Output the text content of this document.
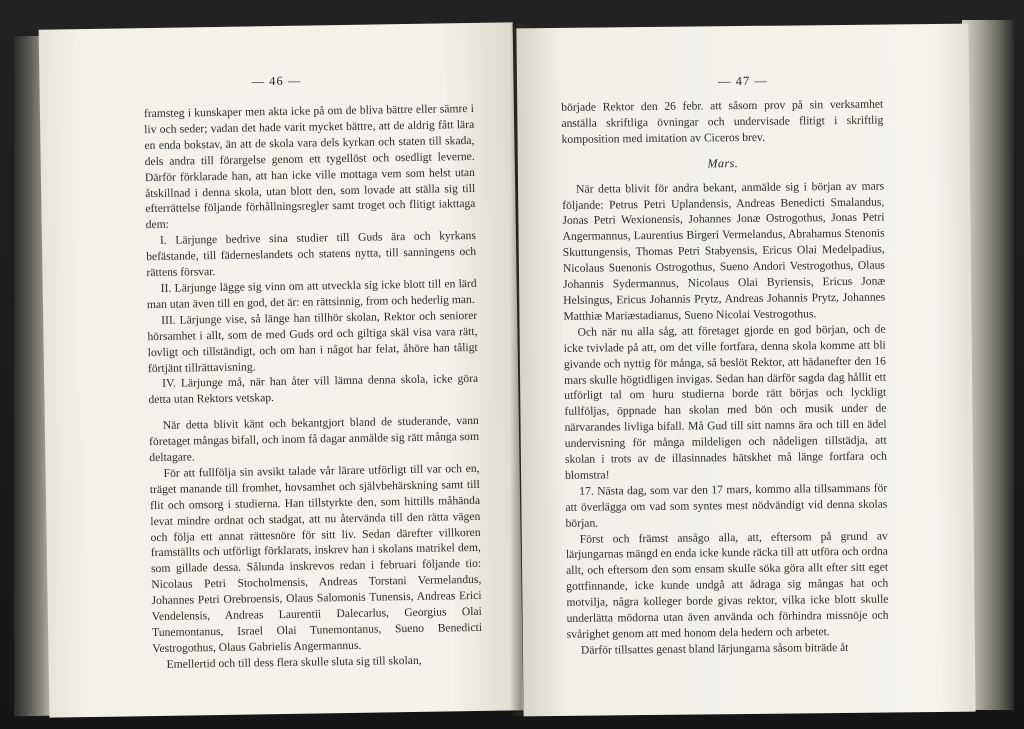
— 46 —

framsteg i kunskaper men akta icke på om de bliva bättre eller sämre i liv och seder; vadan det hade varit mycket bättre, att de aldrig fått lära en enda bokstav, än att de skola vara dels kyrkan och staten till skada, dels andra till förargelse genom ett tygellöst och osedligt leverne. Därför förklarade han, att han icke ville mottaga vem som helst utan åtskillnad i denna skola, utan blott den, som lovade att ställa sig till efterrättelse följande förhållningsregler samt troget och flitigt iakttaga dem:

I. Lärjunge bedrive sina studier till Guds ära och kyrkans befästande, till fäderneslandets och statens nytta, till sanningens och rättens försvar.

II. Lärjunge lägge sig vinn om att utveckla sig icke blott till en lärd man utan även till en god, det är: en rättsinnig, from och hederlig man.

III. Lärjunge vise, så länge han tillhör skolan, Rektor och seniorer hörsamhet i allt, som de med Guds ord och giltiga skäl visa vara rätt, lovligt och tillständigt, och om han i något har felat, åhöre han tåligt förtjänt tillrättavisning.

IV. Lärjunge må, när han åter vill lämna denna skola, icke göra detta utan Rektors vetskap.

När detta blivit känt och bekantgjort bland de studerande, vann företaget mångas bifall, och inom få dagar anmälde sig rätt många som deltagare.

För att fullfölja sin avsikt talade vår lärare utförligt till var och en, träget manande till fromhet, hovsamhet och självbehärskning samt till flit och omsorg i studierna. Han tillstyrkte den, som hittills måhända levat mindre ordnat och stadgat, att nu återvända till den rätta vägen och följa ett annat rättesnöre för sitt liv. Sedan därefter villkoren framställts och utförligt förklarats, inskrev han i skolans matrikel dem, som gillade dessa. Sålunda inskrevos redan i februari följande tio: Nicolaus Petri Stocholmensis, Andreas Torstani Vermelandus, Johannes Petri Orebroensis, Olaus Salomonis Tunensis, Andreas Erici Vendelensis, Andreas Laurentii Dalecarlus, Georgius Olai Tunemontanus, Israel Olai Tunemontanus, Sueno Benedicti Vestrogothus, Olaus Gabrielis Angermannus.

Emellertid och till dess flera skulle sluta sig till skolan,

— 47 —

började Rektor den 26 febr. att såsom prov på sin verksamhet anställa skriftliga övningar och undervisade flitigt i skriftlig komposition med imitation av Ciceros brev.

Mars.

När detta blivit för andra bekant, anmälde sig i början av mars följande: Petrus Petri Uplandensis, Andreas Benedicti Smalandus, Jonas Petri Wexionensis, Johannes Jonæ Ostrogothus, Jonas Petri Angermannus, Laurentius Birgeri Vermelandus, Abrahamus Stenonis Skuttungensis, Thomas Petri Stabyensis, Ericus Olai Medelpadius, Nicolaus Suenonis Ostrogothus, Sueno Andori Vestrogothus, Olaus Johannis Sydermannus, Nicolaus Olai Byriensis, Ericus Jonæ Helsingus, Ericus Johannis Prytz, Andreas Johannis Prytz, Johannes Matthiæ Mariæstadianus, Sueno Nicolai Vestrogothus.

Och när nu alla såg, att företaget gjorde en god början, och de icke tvivlade på att, om det ville fortfara, denna skola komme att bli givande och nyttig för många, så beslöt Rektor, att hädanefter den 16 mars skulle högtidligen invigas. Sedan han därför sagda dag hållit ett utförligt tal om huru studierna borde rätt börjas och lyckligt fullföljas, öppnade han skolan med bön och musik under de närvarandes livliga bifall. Må Gud till sitt namns ära och till en ädel undervisning för många mildeligen och nådeligen tillstädja, att skolan i trots av de illasinnades hätskhet må länge fortfara och blomstra!

17. Nästa dag, som var den 17 mars, kommo alla tillsammans för att överlägga om vad som syntes mest nödvändigt vid denna skolas början.

Först och främst ansågo alla, att, eftersom på grund av lärjungarnas mängd en enda icke kunde räcka till att utföra och ordna allt, och eftersom den som ensam skulle söka göra allt efter sitt eget gottfinnande, icke kunde undgå att ådraga sig mångas hat och motvilja, några kolleger borde givas rektor, vilka icke blott skulle underlätta mödorna utan även använda och förhindra missnöje och svårighet genom att med honom dela hedern och arbetet.

Därför tillsattes genast bland lärjungarna såsom biträde åt
